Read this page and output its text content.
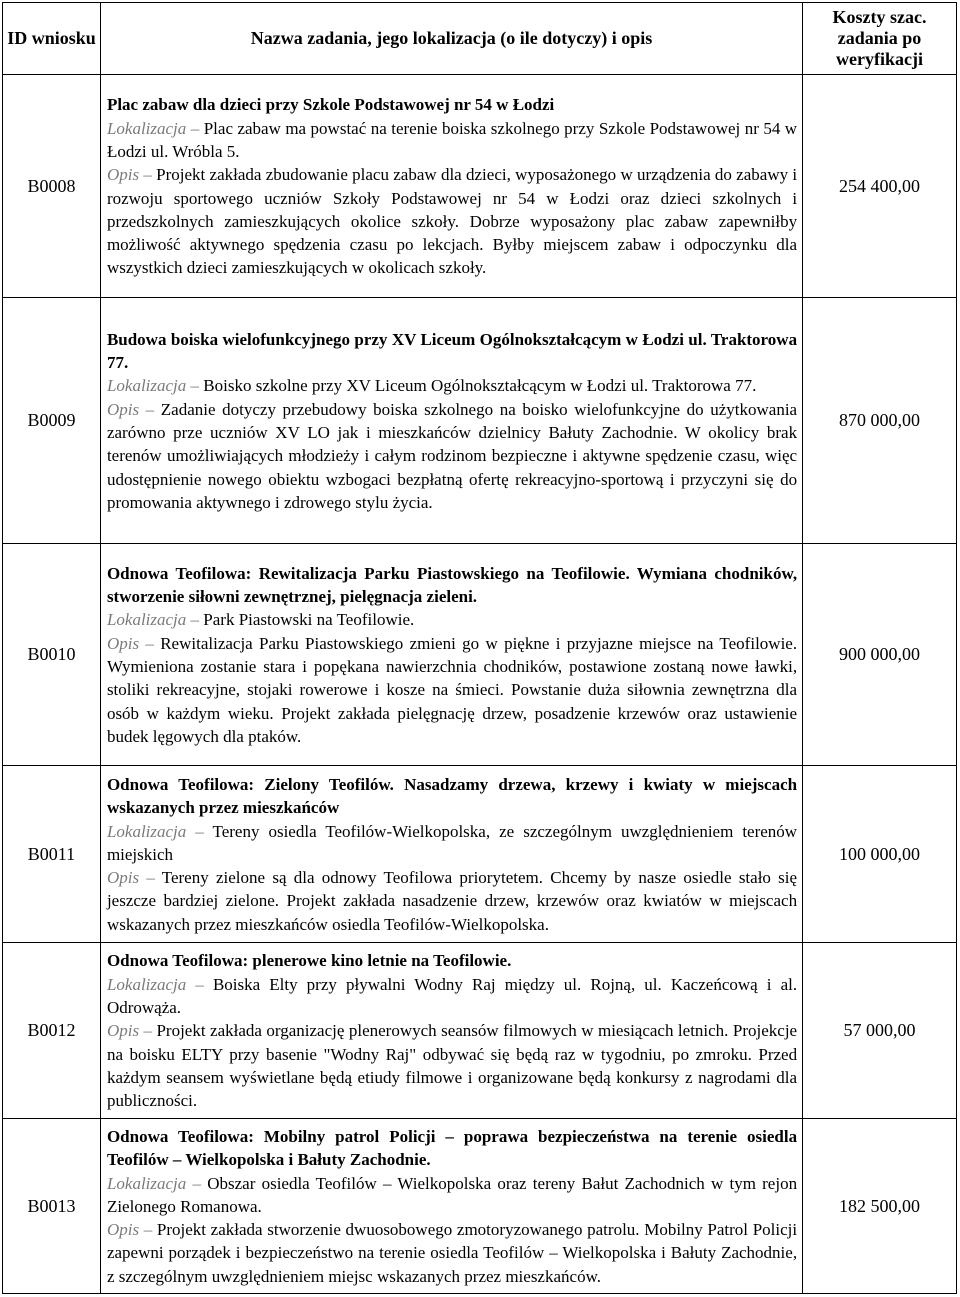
ID wniosku	Nazwa zadania, jego lokalizacja (o ile dotyczy) i opis	Koszty szac. zadania po weryfikacji
B0008	Plac zabaw dla dzieci przy Szkole Podstawowej nr 54 w Łodzi

Lokalizacja – Plac zabaw ma powstać na terenie boiska szkolnego przy Szkole Podstawowej nr 54 w Łodzi ul. Wróbla 5.

Opis – Projekt zakłada zbudowanie placu zabaw dla dzieci, wyposażonego w urządzenia do zabawy i rozwoju sportowego uczniów Szkoły Podstawowej nr 54 w Łodzi oraz dzieci szkolnych i przedszkolnych zamieszkujących okolice szkoły. Dobrze wyposażony plac zabaw zapewniłby możliwość aktywnego spędzenia czasu po lekcjach. Byłby miejscem zabaw i odpoczynku dla wszystkich dzieci zamieszkujących w okolicach szkoły.	254 400,00
B0009	Budowa boiska wielofunkcyjnego przy XV Liceum Ogólnokształcącym w Łodzi ul. Traktorowa 77.

Lokalizacja – Boisko szkolne przy XV Liceum Ogólnokształcącym w Łodzi ul. Traktorowa 77.

Opis – Zadanie dotyczy przebudowy boiska szkolnego na boisko wielofunkcyjne do użytkowania zarówno prze uczniów XV LO jak i mieszkańców dzielnicy Bałuty Zachodnie. W okolicy brak terenów umożliwiających młodzieży i całym rodzinom bezpieczne i aktywne spędzenie czasu, więc udostępnienie nowego obiektu wzbogaci bezpłatną ofertę rekreacyjno-sportową i przyczyni się do promowania aktywnego i zdrowego stylu życia.	870 000,00
B0010	Odnowa Teofilowa: Rewitalizacja Parku Piastowskiego na Teofilowie. Wymiana chodników, stworzenie siłowni zewnętrznej, pielęgnacja zieleni.

Lokalizacja – Park Piastowski na Teofilowie.

Opis – Rewitalizacja Parku Piastowskiego zmieni go w piękne i przyjazne miejsce na Teofilowie. Wymieniona zostanie stara i popękana nawierzchnia chodników, postawione zostaną nowe ławki, stoliki rekreacyjne, stojaki rowerowe i kosze na śmieci. Powstanie duża siłownia zewnętrzna dla osób w każdym wieku. Projekt zakłada pielęgnację drzew, posadzenie krzewów oraz ustawienie budek lęgowych dla ptaków.	900 000,00
B0011	Odnowa Teofilowa: Zielony Teofilów. Nasadzamy drzewa, krzewy i kwiaty w miejscach wskazanych przez mieszkańców

Lokalizacja – Tereny osiedla Teofilów-Wielkopolska, ze szczególnym uwzględnieniem terenów miejskich

Opis – Tereny zielone są dla odnowy Teofilowa priorytetem. Chcemy by nasze osiedle stało się jeszcze bardziej zielone. Projekt zakłada nasadzenie drzew, krzewów oraz kwiatów w miejscach wskazanych przez mieszkańców osiedla Teofilów-Wielkopolska.	100 000,00
B0012	Odnowa Teofilowa: plenerowe kino letnie na Teofilowie.

Lokalizacja – Boiska Elty przy pływalni Wodny Raj między ul. Rojną, ul. Kaczeńcową i al. Odrowąża.

Opis – Projekt zakłada organizację plenerowych seansów filmowych w miesiącach letnich. Projekcje na boisku ELTY przy basenie "Wodny Raj" odbywać się będą raz w tygodniu, po zmroku. Przed każdym seansem wyświetlane będą etiudy filmowe i organizowane będą konkursy z nagrodami dla publiczności.	57 000,00
B0013	Odnowa Teofilowa: Mobilny patrol Policji – poprawa bezpieczeństwa na terenie osiedla Teofilów – Wielkopolska i Bałuty Zachodnie.

Lokalizacja – Obszar osiedla Teofilów – Wielkopolska oraz tereny Bałut Zachodnich w tym rejon Zielonego Romanowa.

Opis – Projekt zakłada stworzenie dwuosobowego zmotoryzowanego patrolu. Mobilny Patrol Policji zapewni porządek i bezpieczeństwo na terenie osiedla Teofilów – Wielkopolska i Bałuty Zachodnie, z szczególnym uwzględnieniem miejsc wskazanych przez mieszkańców.	182 500,00
